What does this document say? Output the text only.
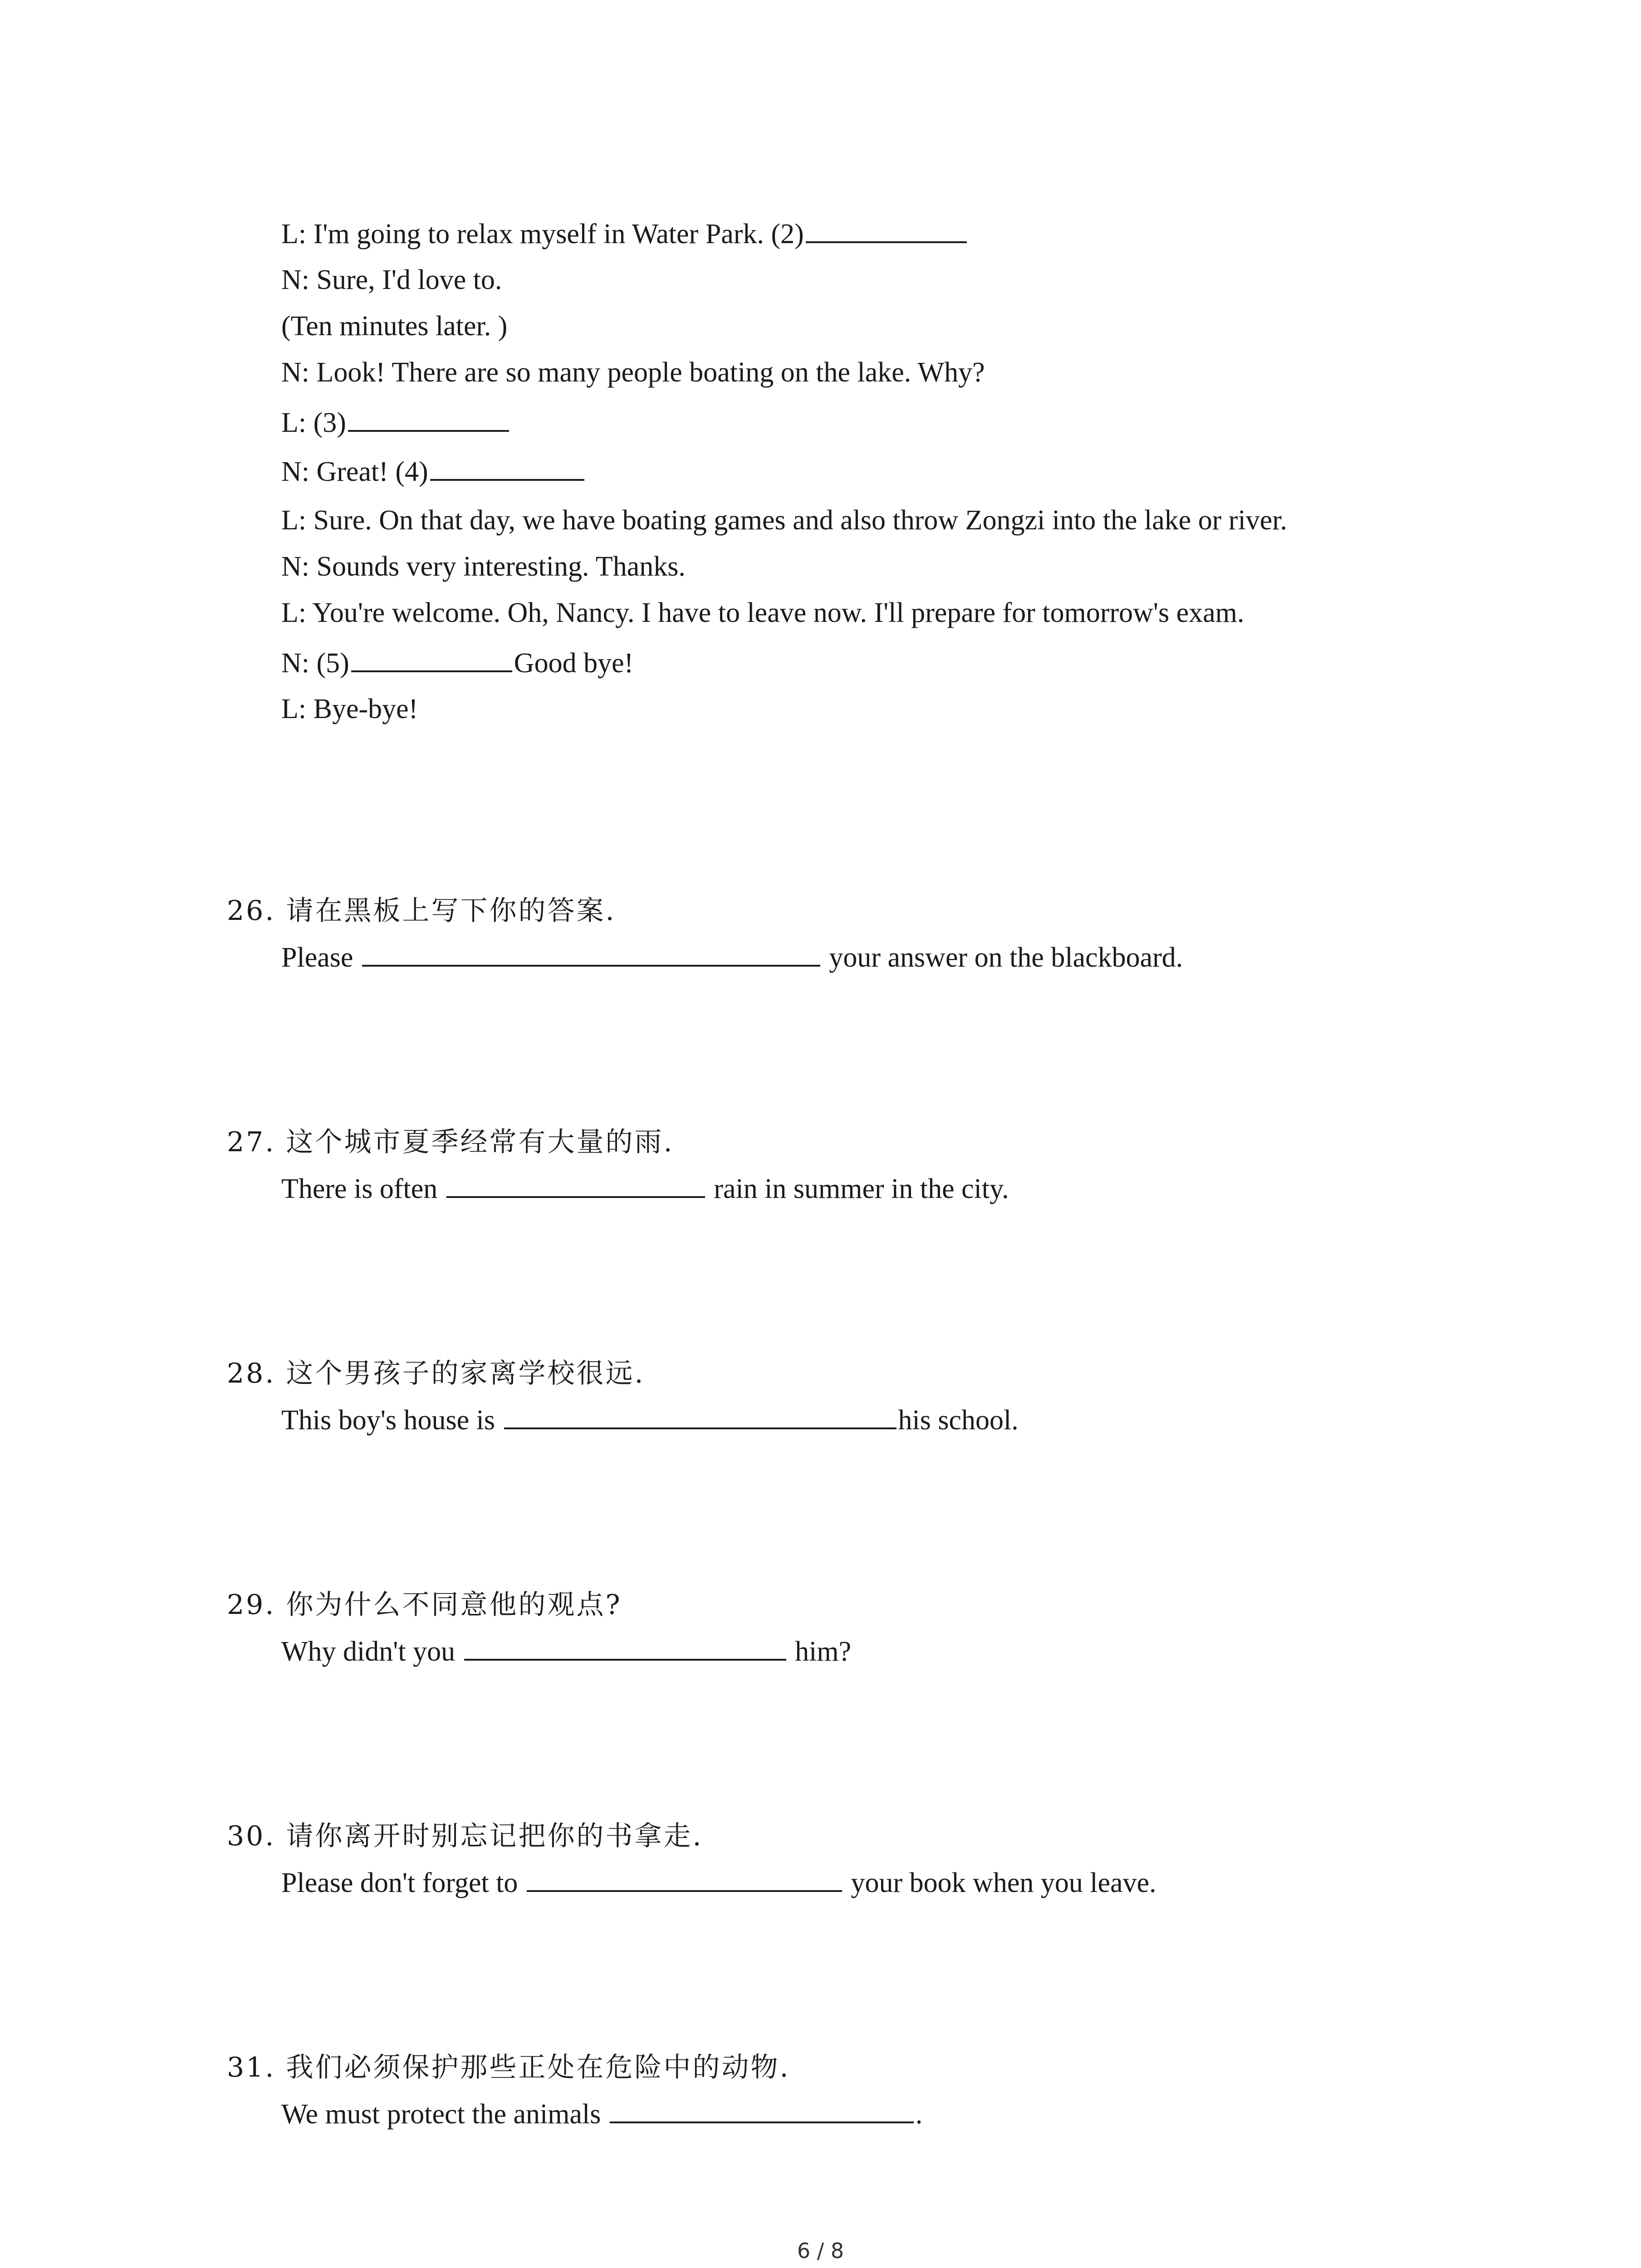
L: I'm going to relax myself in Water Park. (2)
N: Sure, I'd love to.
(Ten minutes later. )
N: Look! There are so many people boating on the lake. Why?
L: (3)
N: Great! (4)
L: Sure. On that day, we have boating games and also throw Zongzi into the lake or river.
N: Sounds very interesting. Thanks.
L: You're welcome. Oh, Nancy. I have to leave now. I'll prepare for tomorrow's exam.
N: (5)	Good bye!
L: Bye-bye!
26. 请在黑板上写下你的答案.
Please	your answer on the blackboard.
27. 这个城市夏季经常有大量的雨.
There is often	rain in summer in the city.
28. 这个男孩子的家离学校很远.
This boy's house is	his school.
29. 你为什么不同意他的观点?
Why didn't you	him?
30. 请你离开时别忘记把你的书拿走.
Please don't forget to	your book when you leave.
31. 我们必须保护那些正处在危险中的动物.
We must protect the animals	.
6 / 8
